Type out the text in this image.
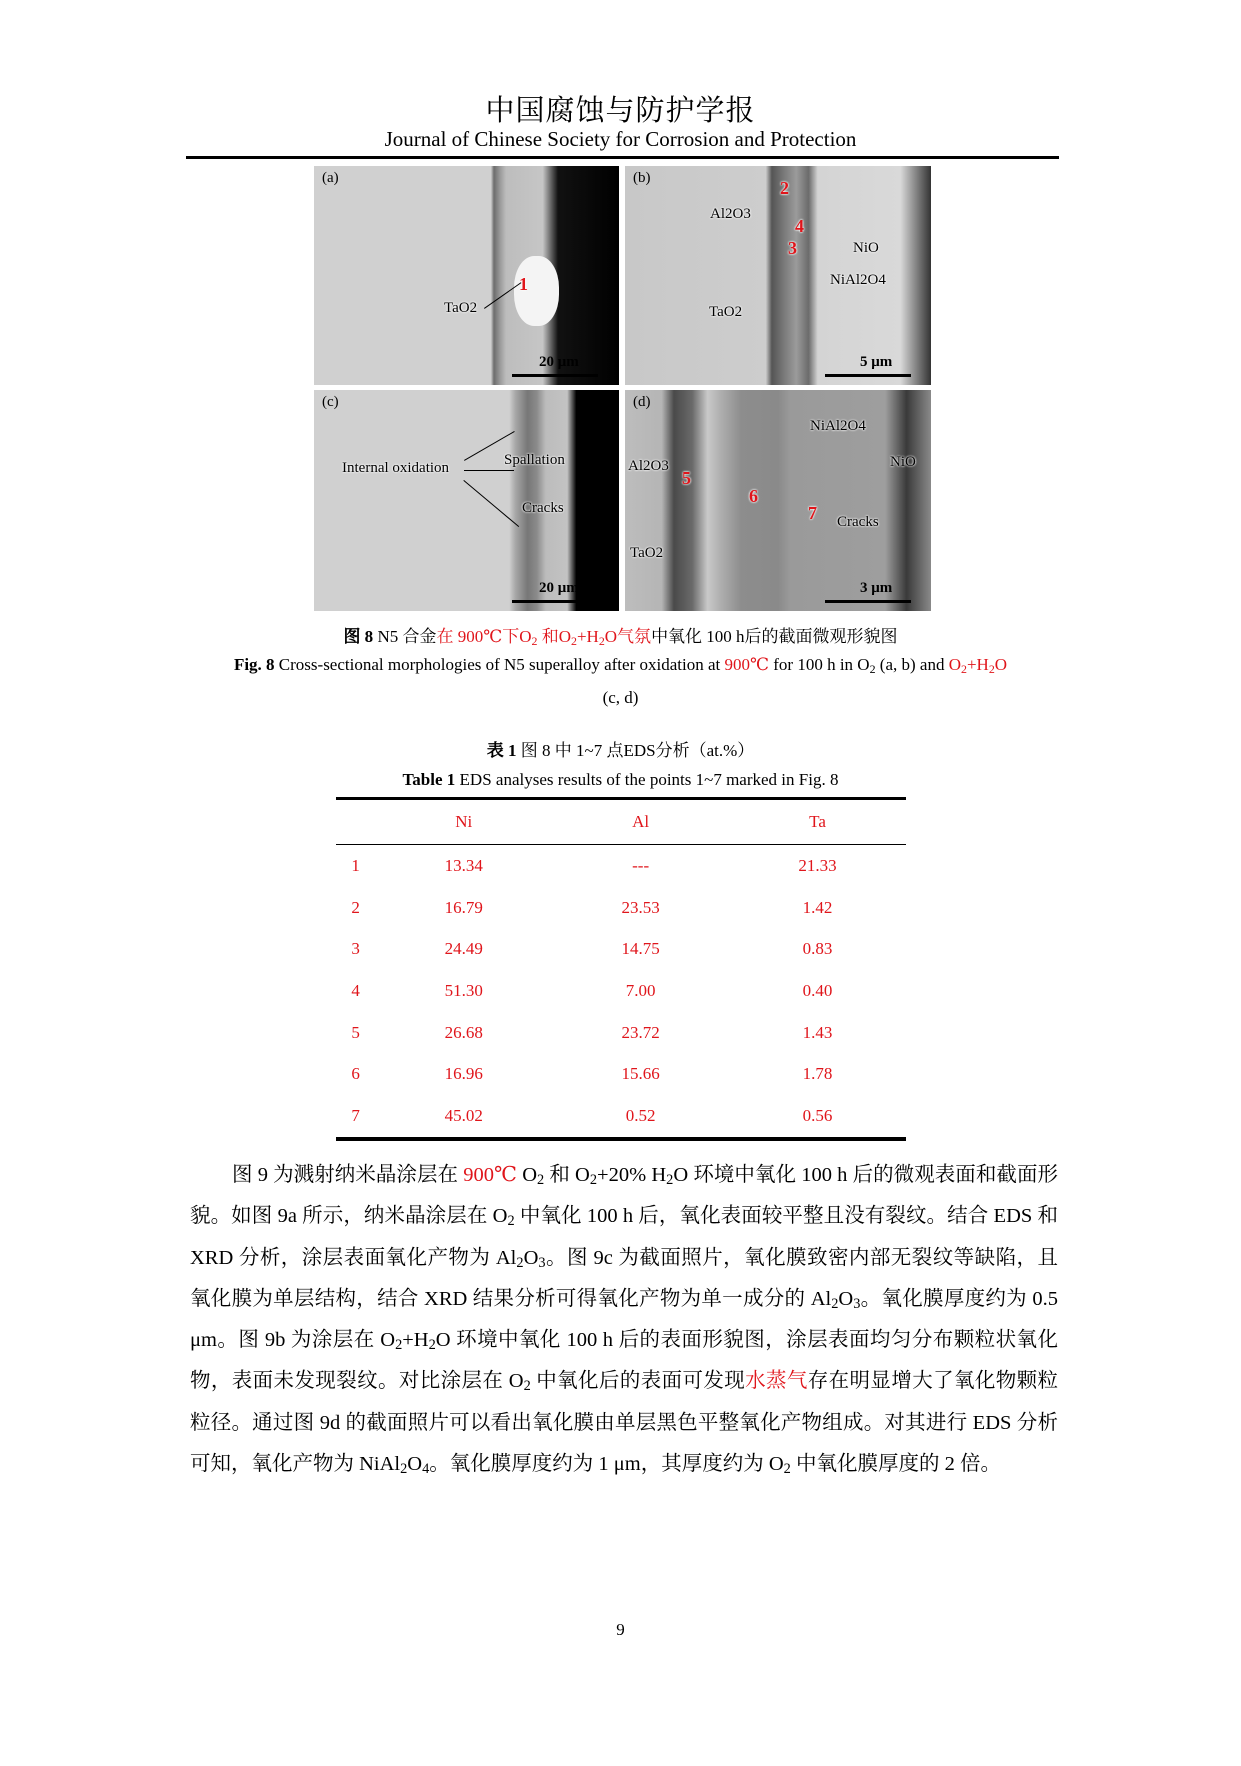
中国腐蚀与防护学报
Journal of Chinese Society for Corrosion and Protection
(a)
1
TaO2
20 μm
(b)	2
4
3
Al2O3
NiO
NiAl2O4
TaO2
5 μm
(c)
Internal oxidation	Spallation
Cracks
20 μm
(d)
5
6
7
NiAl2O4
Al2O3	NiO
Cracks
TaO2
3 μm
图 8 N5 合金在 900℃下$O_2$ 和$O_2+H_2O$气氛中氧化 100 h后的截面微观形貌图
Fig. 8 Cross-sectional morphologies of N5 superalloy after oxidation at 900℃ for 100 h in $O_2$ (a, b) and $O_2+H_2O$
(c, d)
表 1 图 8 中 1~7 点EDS分析（at.%）
Table 1 EDS analyses results of the points 1~7 marked in Fig. 8
	Ni	Al	Ta
1	13.34	---	21.33
2	16.79	23.53	1.42
3	24.49	14.75	0.83
4	51.30	7.00	0.40
5	26.68	23.72	1.43
6	16.96	15.66	1.78
7	45.02	0.52	0.56

图 9 为溅射纳米晶涂层在 900℃ $O_2$ 和 $O_2+20\%$ $H_2O$ 环境中氧化 100 h 后的微观表面和截面形貌。如图 9a 所示，纳米晶涂层在 $O_2$ 中氧化 100 h 后，氧化表面较平整且没有裂纹。结合 EDS 和 XRD 分析，涂层表面氧化产物为 $Al_2O_3$。图 9c 为截面照片，氧化膜致密内部无裂纹等缺陷，且氧化膜为单层结构，结合 XRD 结果分析可得氧化产物为单一成分的 $Al_2O_3$。氧化膜厚度约为 0.5 μm。图 9b 为涂层在 $O_2+H_2O$ 环境中氧化 100 h 后的表面形貌图，涂层表面均匀分布颗粒状氧化物，表面未发现裂纹。对比涂层在 $O_2$ 中氧化后的表面可发现水蒸气存在明显增大了氧化物颗粒粒径。通过图 9d 的截面照片可以看出氧化膜由单层黑色平整氧化产物组成。对其进行 EDS 分析可知，氧化产物为 $NiAl_2O_4$。氧化膜厚度约为 1 μm，其厚度约为 $O_2$ 中氧化膜厚度的 2 倍。

9
